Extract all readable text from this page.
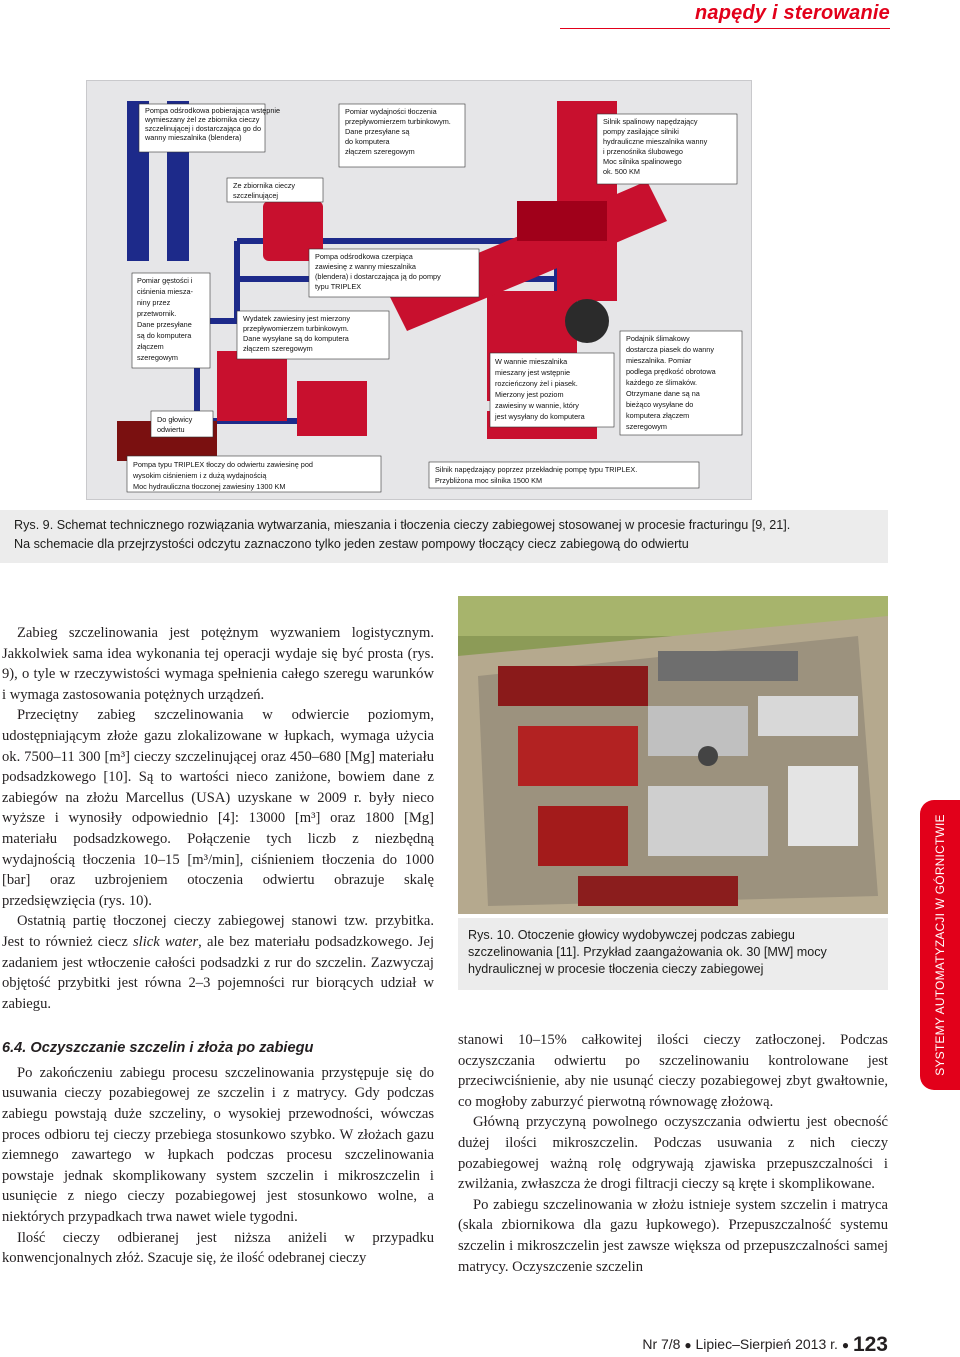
napędy i sterowanie
Pompa odśrodkowa pobierająca wstępnie wymieszany żel ze zbiornika cieczy szczelinującej i dostarczająca go do wanny mieszalnika (blendera)
Pomiar wydajności tłoczenia przepływomierzem turbinkowym. Dane przesyłane są do komputera złączem szeregowym
Silnik spalinowy napędzający pompy zasilające silniki hydrauliczne mieszalnika wanny i przenośnika ślubowego Moc silnika spalinowego ok. 500 KM
Ze zbiornika cieczy szczelinującej
Pompa odśrodkowa czerpiąca zawiesinę z wanny mieszalnika (blendera) i dostarczająca ją do pompy typu TRIPLEX
Pomiar gęstości i ciśnienia miesza-niny przez przetwornik. Dane przesyłane są do komputera złączem szeregowym
Wydatek zawiesiny jest mierzony przepływomierzem turbinkowym. Dane wysyłane są do komputera złączem szeregowym
Podajnik ślimakowy dostarcza piasek do wanny mieszalnika. Pomiar podlega prędkość obrotowa każdego ze ślimaków. Otrzymane dane są na bieżąco wysyłane do komputera złączem szeregowym
W wannie mieszalnika mieszany jest wstępnie rozcieńczony żel i piasek. Mierzony jest poziom zawiesiny w wannie, który jest wysyłany do komputera
Do głowicy odwiertu
Pompa typu TRIPLEX tłoczy do odwiertu zawiesinę pod wysokim ciśnieniem i z dużą wydajnością Moc hydrauliczna tłoczonej zawiesiny 1300 KM
Silnik napędzający poprzez przekładnię pompę typu TRIPLEX. Przybliżona moc silnika 1500 KM
Rys. 9. Schemat technicznego rozwiązania wytwarzania, mieszania i tłoczenia cieczy zabiegowej stosowanej w procesie fracturingu [9, 21].
Na schemacie dla przejrzystości odczytu zaznaczono tylko jeden zestaw pompowy tłoczący ciecz zabiegową do odwiertu
Rys. 10. Otoczenie głowicy wydobywczej podczas zabiegu szczelinowania [11]. Przykład zaangażowania ok. 30 [MW] mocy hydraulicznej w procesie tłoczenia cieczy zabiegowej

Zabieg szczelinowania jest potężnym wyzwaniem logistycznym. Jakkolwiek sama idea wykonania tej operacji wydaje się być prosta (rys. 9), o tyle w rzeczywistości wymaga spełnienia całego szeregu warunków i wymaga zastosowania potężnych urządzeń.

Przeciętny zabieg szczelinowania w odwiercie poziomym, udostępniającym złoże gazu zlokalizowane w łupkach, wymaga użycia ok. 7500–11 300 [m³] cieczy szczelinującej oraz 450–680 [Mg] materiału podsadzkowego [10]. Są to wartości nieco zaniżone, bowiem dane z zabiegów na złożu Marcellus (USA) uzyskane w 2009 r. były nieco wyższe i wynosiły odpowiednio [4]: 13000 [m³] oraz 1800 [Mg] materiału podsadzkowego. Połączenie tych liczb z niezbędną wydajnością tłoczenia 10–15 [m³/min], ciśnieniem tłoczenia do 1000 [bar] oraz uzbrojeniem otoczenia odwiertu obrazuje skalę przedsięwzięcia (rys. 10).

Ostatnią partię tłoczonej cieczy zabiegowej stanowi tzw. przybitka. Jest to również ciecz slick water, ale bez materiału podsadzkowego. Jej zadaniem jest wtłoczenie całości podsadzki z rur do szczelin. Zazwyczaj objętość przybitki jest równa 2–3 pojemności rur biorących udział w zabiegu.

6.4. Oczyszczanie szczelin i złoża po zabiegu

Po zakończeniu zabiegu procesu szczelinowania przystępuje się do usuwania cieczy pozabiegowej ze szczelin i z matrycy. Gdy podczas zabiegu powstają duże szczeliny, o wysokiej przewodności, wówczas proces odbioru tej cieczy przebiega stosunkowo szybko. W złożach gazu ziemnego zawartego w łupkach podczas procesu szczelinowania powstaje jednak skomplikowany system szczelin i mikroszczelin i usunięcie z niego cieczy pozabiegowej jest stosunkowo wolne, a niektórych przypadkach trwa nawet wiele tygodni.

Ilość cieczy odbieranej jest niższa aniżeli w przypadku konwencjonalnych złóż. Szacuje się, że ilość odebranej cieczy

stanowi 10–15% całkowitej ilości cieczy zatłoczonej. Podczas oczyszczania odwiertu po szczelinowaniu kontrolowane jest przeciwciśnienie, aby nie usunąć cieczy pozabiegowej zbyt gwałtownie, co mogłoby zaburzyć pierwotną równowagę złożową.

Główną przyczyną powolnego oczyszczania odwiertu jest obecność dużej ilości mikroszczelin. Podczas usuwania z nich cieczy pozabiegowej ważną rolę odgrywają zjawiska przepuszczalności i zwilżania, zwłaszcza że drogi filtracji cieczy są kręte i skomplikowane.

Po zabiegu szczelinowania w złożu istnieje system szczelin i matryca (skala zbiornikowa dla gazu łupkowego). Przepuszczalność systemu szczelin i mikroszczelin jest zawsze większa od przepuszczalności samej matrycy. Oczyszczenie szczelin

SYSTEMY AUTOMATYZACJI W GÓRNICTWIE
Nr 7/8 ● Lipiec–Sierpień 2013 r. ● 123
